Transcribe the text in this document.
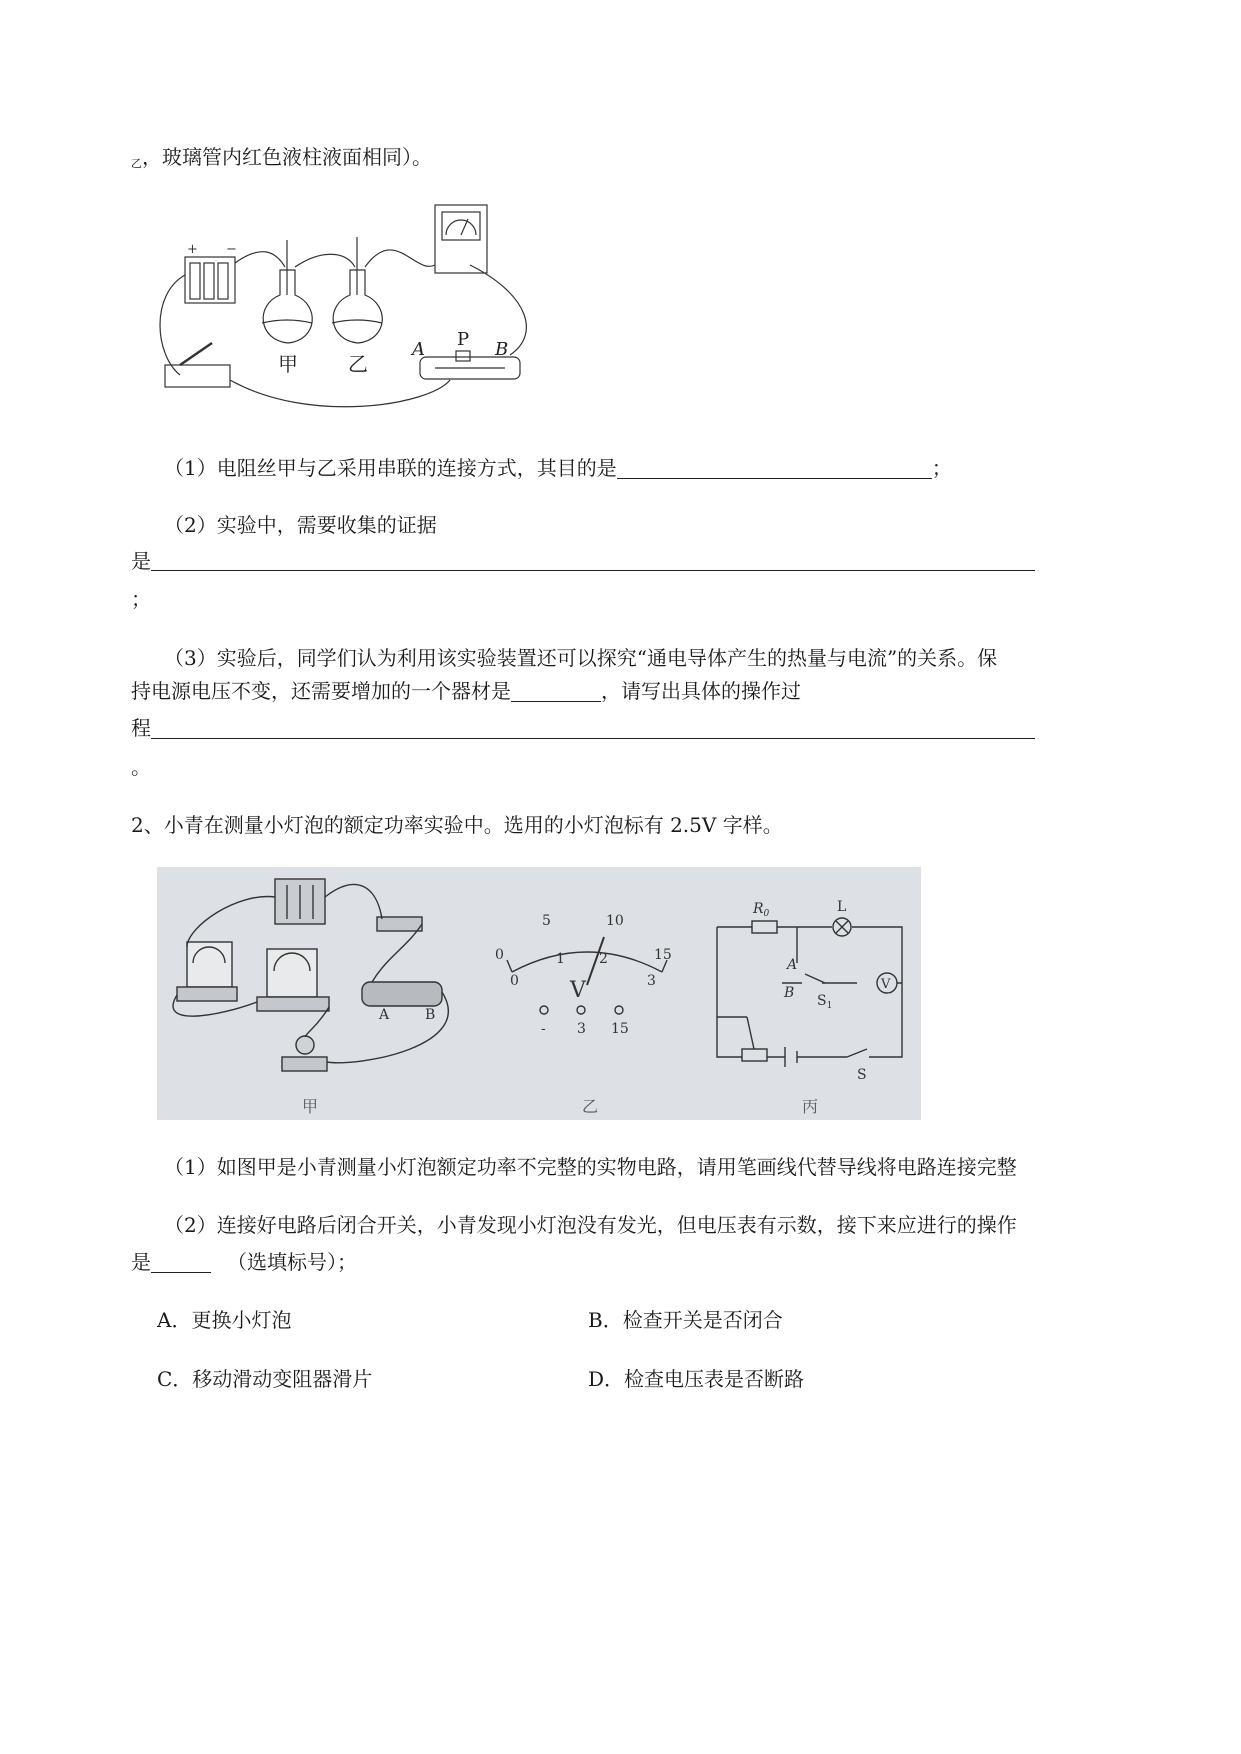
$_乙$，玻璃管内红色液柱液面相同）。
+ −
甲	乙
A P B
（1）电阻丝甲与乙采用串联的连接方式，其目的是	；
（2）实验中，需要收集的证据
是
；
（3）实验后，同学们认为利用该实验装置还可以探究“通电导体产生的热量与电流”的关系。保
持电源电压不变，还需要增加的一个器材是	，请写出具体的操作过
程
。
2、小青在测量小灯泡的额定功率实验中。选用的小灯泡标有 2.5V 字样。
A	B
5	10
15
0
0
1 2
3
V
- 3 15
$R_0$	L
A
B $S_1$
V
S
甲	乙	丙
（1）如图甲是小青测量小灯泡额定功率不完整的实物电路，请用笔画线代替导线将电路连接完整
（2）连接好电路后闭合开关，小青发现小灯泡没有发光，但电压表有示数，接下来应进行的操作
是	（选填标号）；
A．更换小灯泡	B．检查开关是否闭合
C．移动滑动变阻器滑片	D．检查电压表是否断路
